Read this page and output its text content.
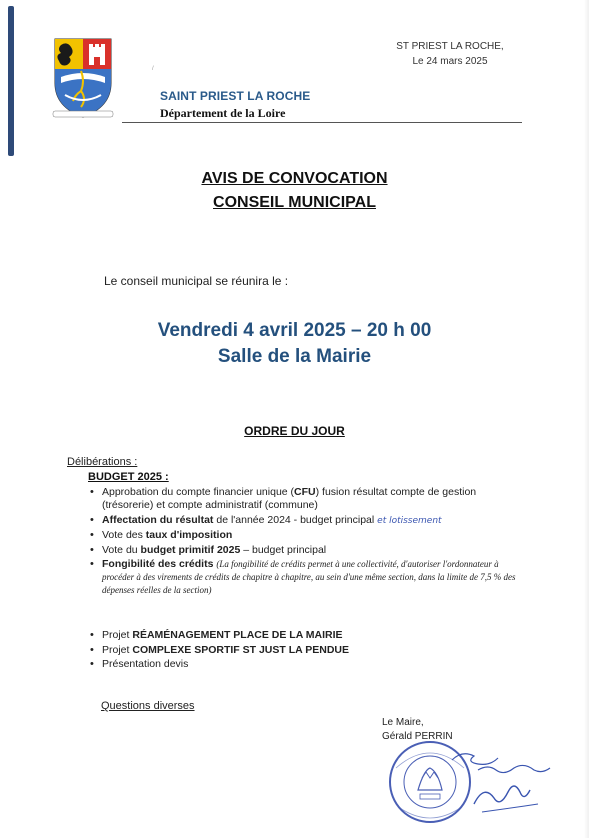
ST PRIEST LA ROCHE,
Le 24 mars 2025
/
SAINT PRIEST LA ROCHE
Département de la Loire
AVIS DE CONVOCATION
CONSEIL MUNICIPAL
Le conseil municipal se réunira le :
Vendredi 4 avril 2025 – 20 h 00
Salle de la Mairie
ORDRE DU JOUR
Délibérations :
BUDGET 2025 :
• Approbation du compte financier unique (CFU) fusion résultat compte de gestion (trésorerie) et compte administratif (commune)
• Affectation du résultat de l'année 2024 - budget principal et lotissement
• Vote des taux d'imposition
• Vote du budget primitif 2025 – budget principal
• Fongibilité des crédits (La fongibilité de crédits permet à une collectivité, d'autoriser l'ordonnateur à procéder à des virements de crédits de chapitre à chapitre, au sein d'une même section, dans la limite de 7,5 % des dépenses réelles de la section)
• Projet RÉAMÉNAGEMENT PLACE DE LA MAIRIE
• Projet COMPLEXE SPORTIF ST JUST LA PENDUE
• Présentation devis
Questions diverses
Le Maire,
Gérald PERRIN
